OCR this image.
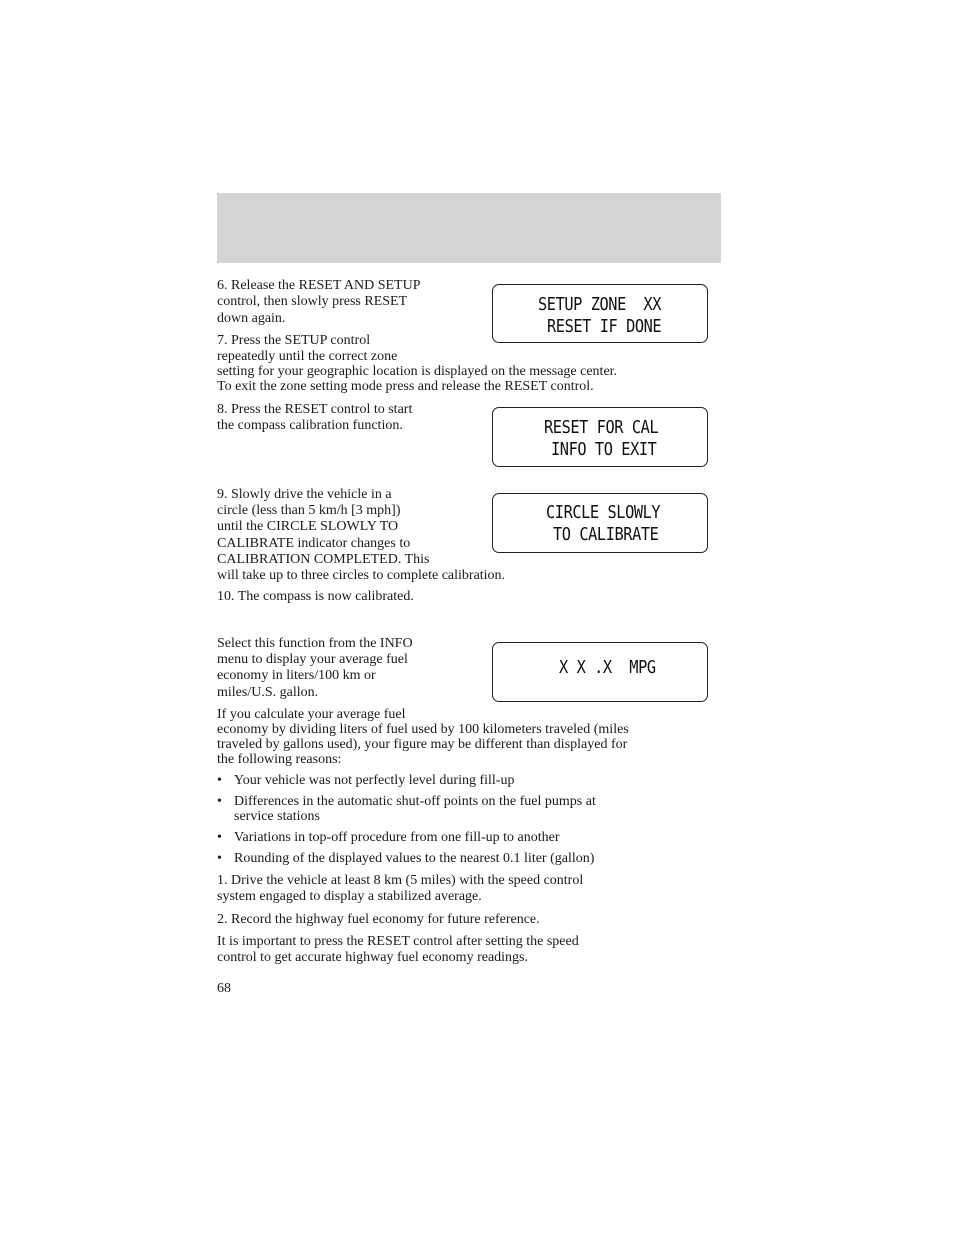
6. Release the RESET AND SETUP

control, then slowly press RESET

down again.

7. Press the SETUP control

repeatedly until the correct zone

setting for your geographic location is displayed on the message center.

To exit the zone setting mode press and release the RESET control.

8. Press the RESET control to start

the compass calibration function.

9. Slowly drive the vehicle in a

circle (less than 5 km/h [3 mph])

until the CIRCLE SLOWLY TO

CALIBRATE indicator changes to

CALIBRATION COMPLETED. This

will take up to three circles to complete calibration.

10. The compass is now calibrated.

Select this function from the INFO

menu to display your average fuel

economy in liters/100 km or

miles/U.S. gallon.

If you calculate your average fuel

economy by dividing liters of fuel used by 100 kilometers traveled (miles

traveled by gallons used), your figure may be different than displayed for

the following reasons:

• Your vehicle was not perfectly level during fill-up
• Differences in the automatic shut-off points on the fuel pumps at
service stations
• Variations in top-off procedure from one fill-up to another
• Rounding of the displayed values to the nearest 0.1 liter (gallon)

1. Drive the vehicle at least 8 km (5 miles) with the speed control

system engaged to display a stabilized average.

2. Record the highway fuel economy for future reference.

It is important to press the RESET control after setting the speed

control to get accurate highway fuel economy readings.

68

SETUP ZONE  XX
RESET IF DONE
RESET FOR CAL
INFO TO EXIT
CIRCLE SLOWLY
TO CALIBRATE
X X .X  MPG
